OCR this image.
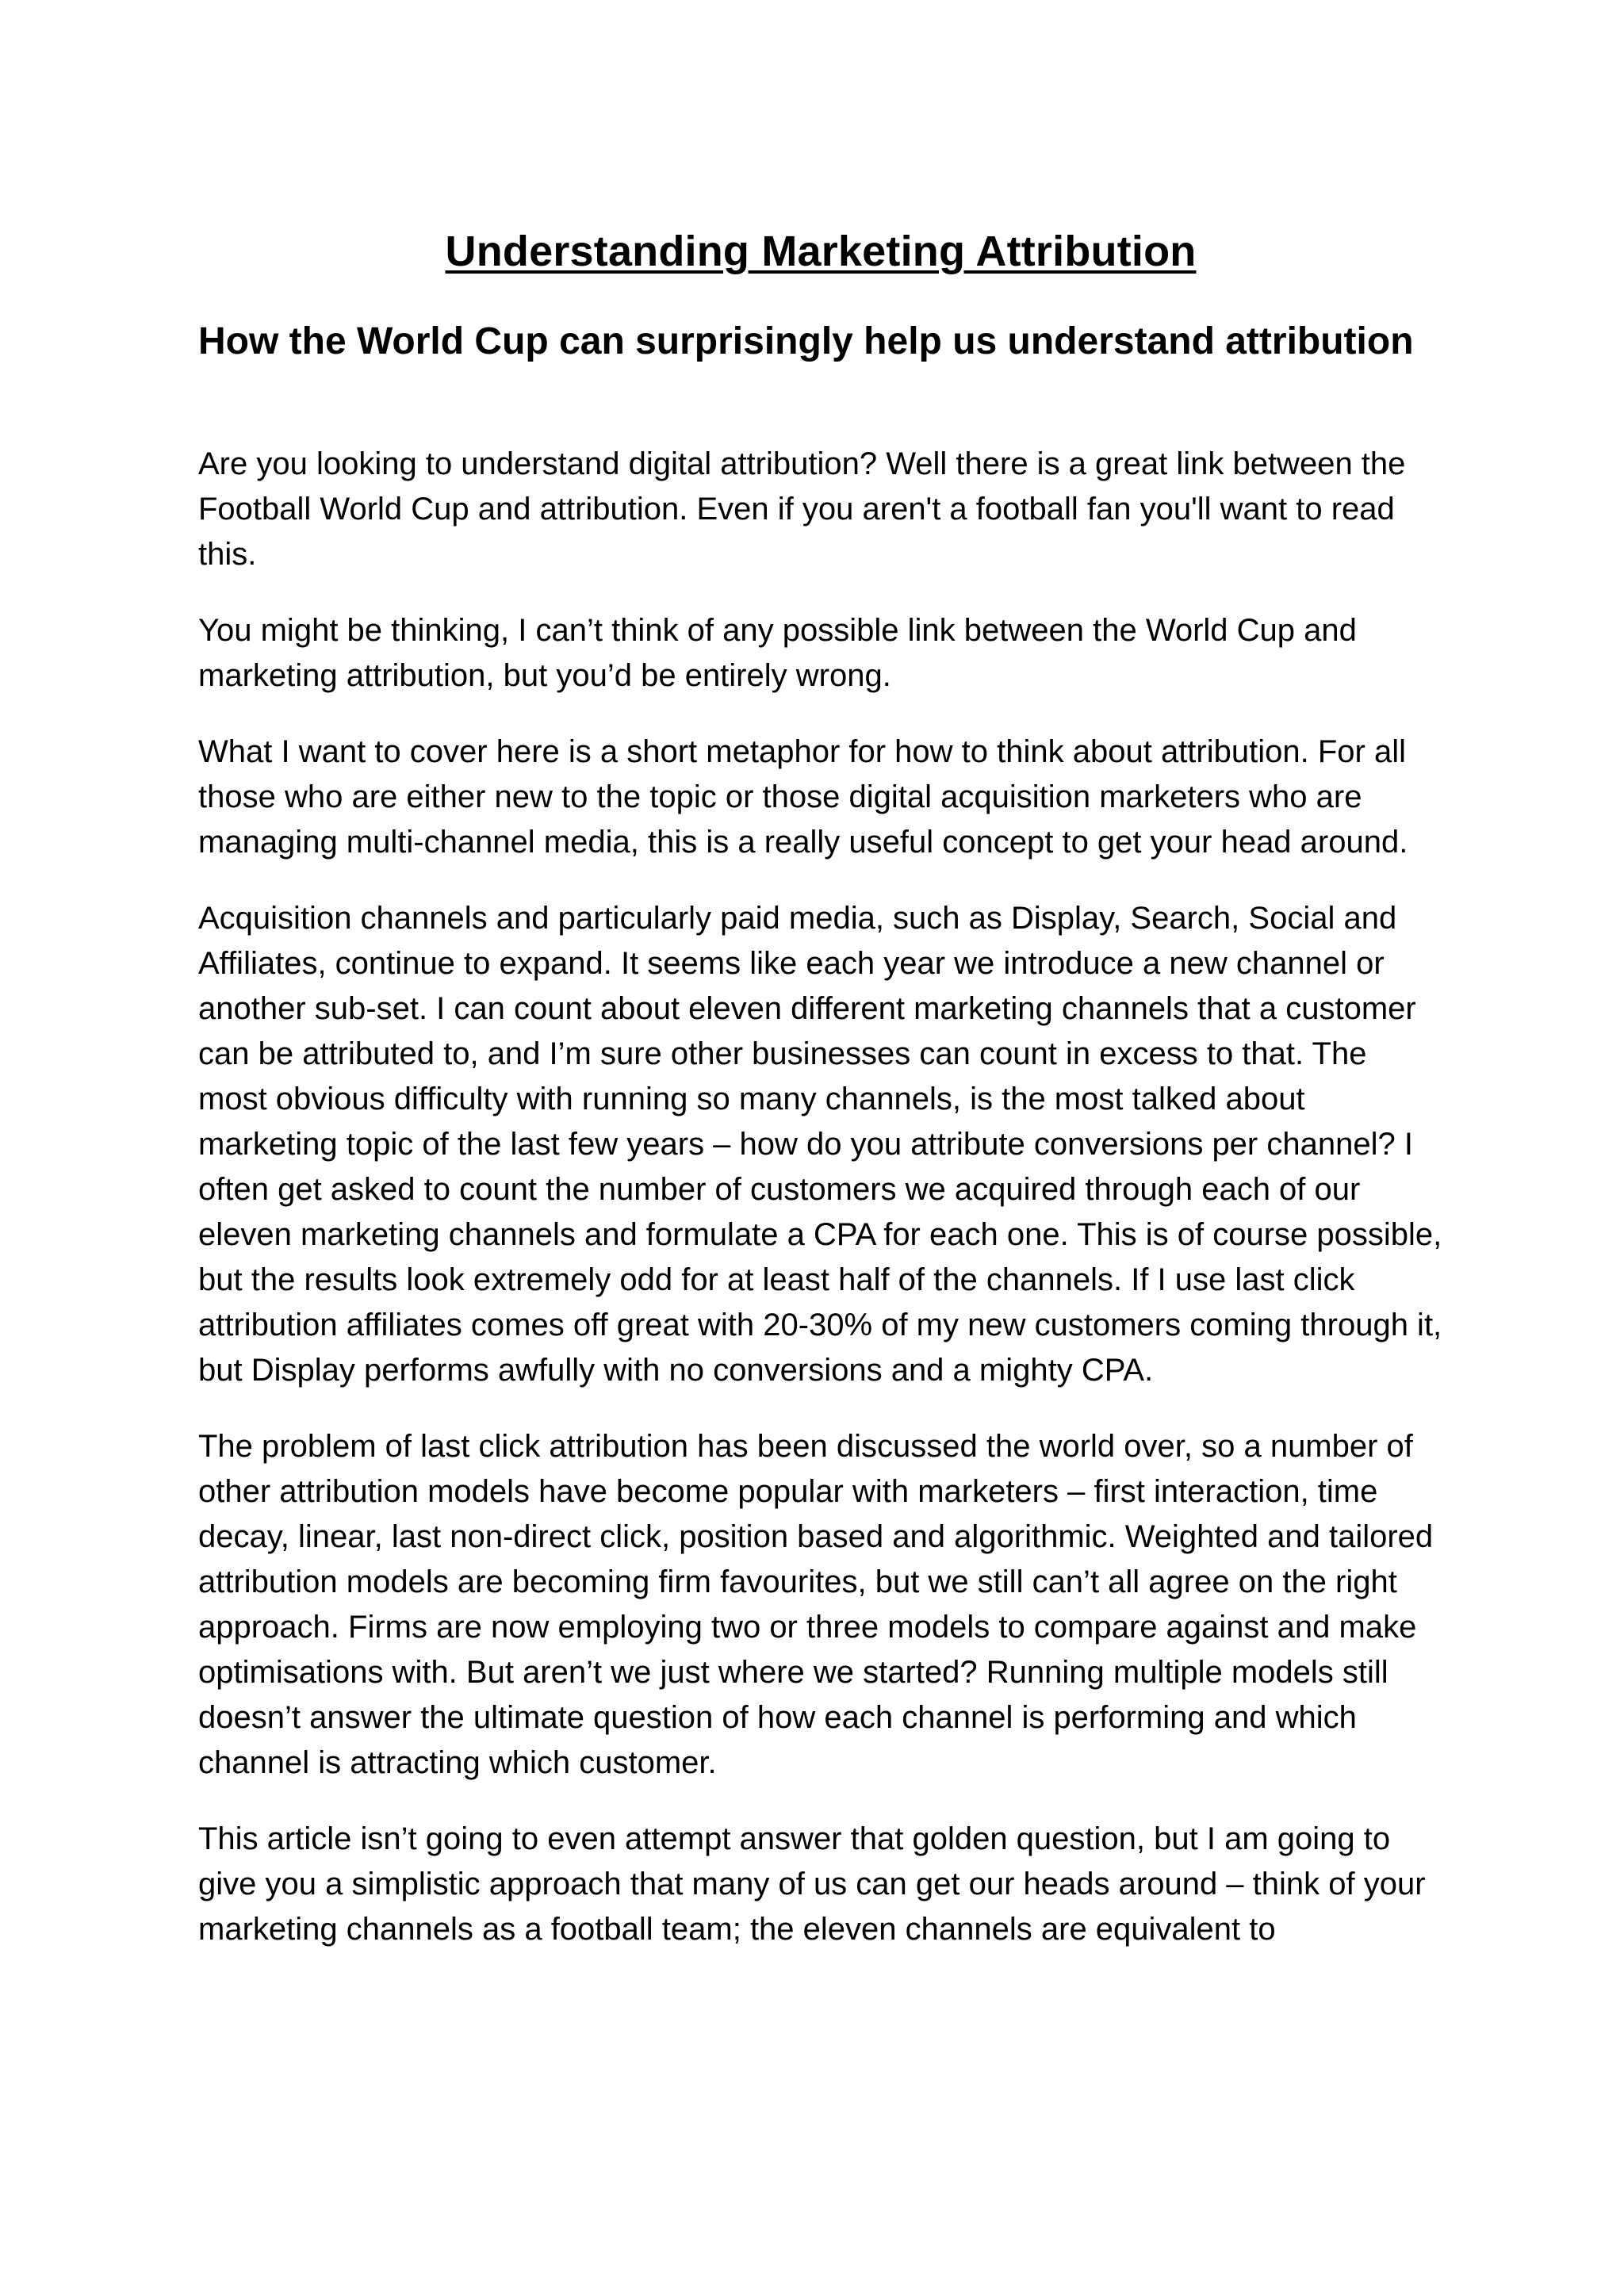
Understanding Marketing Attribution
How the World Cup can surprisingly help us understand attribution

Are you looking to understand digital attribution? Well there is a great link between the Football World Cup and attribution. Even if you aren't a football fan you'll want to read this.

You might be thinking, I can’t think of any possible link between the World Cup and marketing attribution, but you’d be entirely wrong.

What I want to cover here is a short metaphor for how to think about attribution. For all those who are either new to the topic or those digital acquisition marketers who are managing multi-channel media, this is a really useful concept to get your head around.

Acquisition channels and particularly paid media, such as Display, Search, Social and Affiliates, continue to expand. It seems like each year we introduce a new channel or another sub-set. I can count about eleven different marketing channels that a customer can be attributed to, and I’m sure other businesses can count in excess to that. The most obvious difficulty with running so many channels, is the most talked about marketing topic of the last few years – how do you attribute conversions per channel? I often get asked to count the number of customers we acquired through each of our eleven marketing channels and formulate a CPA for each one. This is of course possible, but the results look extremely odd for at least half of the channels. If I use last click attribution affiliates comes off great with 20-30% of my new customers coming through it, but Display performs awfully with no conversions and a mighty CPA.

The problem of last click attribution has been discussed the world over, so a number of other attribution models have become popular with marketers – first interaction, time decay, linear, last non-direct click, position based and algorithmic. Weighted and tailored attribution models are becoming firm favourites, but we still can’t all agree on the right approach. Firms are now employing two or three models to compare against and make optimisations with. But aren’t we just where we started? Running multiple models still doesn’t answer the ultimate question of how each channel is performing and which channel is attracting which customer.

This article isn’t going to even attempt answer that golden question, but I am going to give you a simplistic approach that many of us can get our heads around – think of your marketing channels as a football team; the eleven channels are equivalent to
